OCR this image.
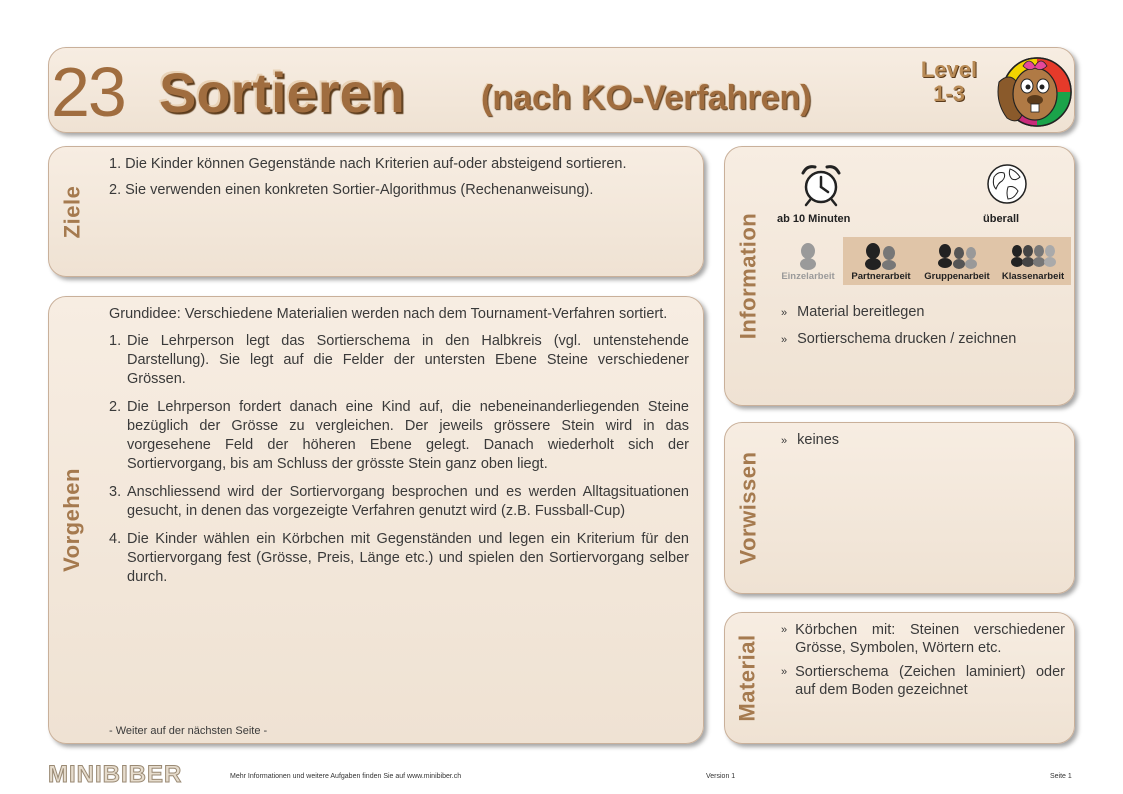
23 Sortieren (nach KO-Verfahren)
Level
1-3
Ziele
1. Die Kinder können Gegenstände nach Kriterien auf-oder absteigend sortieren.
2. Sie verwenden einen konkreten Sortier-Algorithmus (Rechenanweisung).
Vorgehen

Grundidee: Verschiedene Materialien werden nach dem Tournament-Verfahren sortiert.

1. Die Lehrperson legt das Sortierschema in den Halbkreis (vgl. untenstehende Darstellung). Sie legt auf die Felder der untersten Ebene Steine verschiedener Grössen.
2. Die Lehrperson fordert danach eine Kind auf, die nebeneinanderliegenden Steine bezüglich der Grösse zu vergleichen. Der jeweils grössere Stein wird in das vorgesehene Feld der höheren Ebene gelegt. Danach wiederholt sich der Sortiervorgang, bis am Schluss der grösste Stein ganz oben liegt.
3. Anschliessend wird der Sortiervorgang besprochen und es werden Alltagsituationen gesucht, in denen das vorgezeigte Verfahren genutzt wird (z.B. Fussball-Cup)
4. Die Kinder wählen ein Körbchen mit Gegenständen und legen ein Kriterium für den Sortiervorgang fest (Grösse, Preis, Länge etc.) und spielen den Sortiervorgang selber durch.
- Weiter auf der nächsten Seite -
Information ab 10 Minuten	überall
Einzelarbeit	Partnerarbeit	Gruppenarbeit	Klassenarbeit
» Material bereitlegen
» Sortierschema drucken / zeichnen
Vorwissen
» keines
Material
» Körbchen mit: Steinen verschiedener Grösse, Symbolen, Wörtern etc.
» Sortierschema (Zeichen laminiert) oder auf dem Boden gezeichnet
MINIBIBER	Mehr Informationen und weitere Aufgaben finden Sie auf www.minibiber.ch	Version 1	Seite 1
